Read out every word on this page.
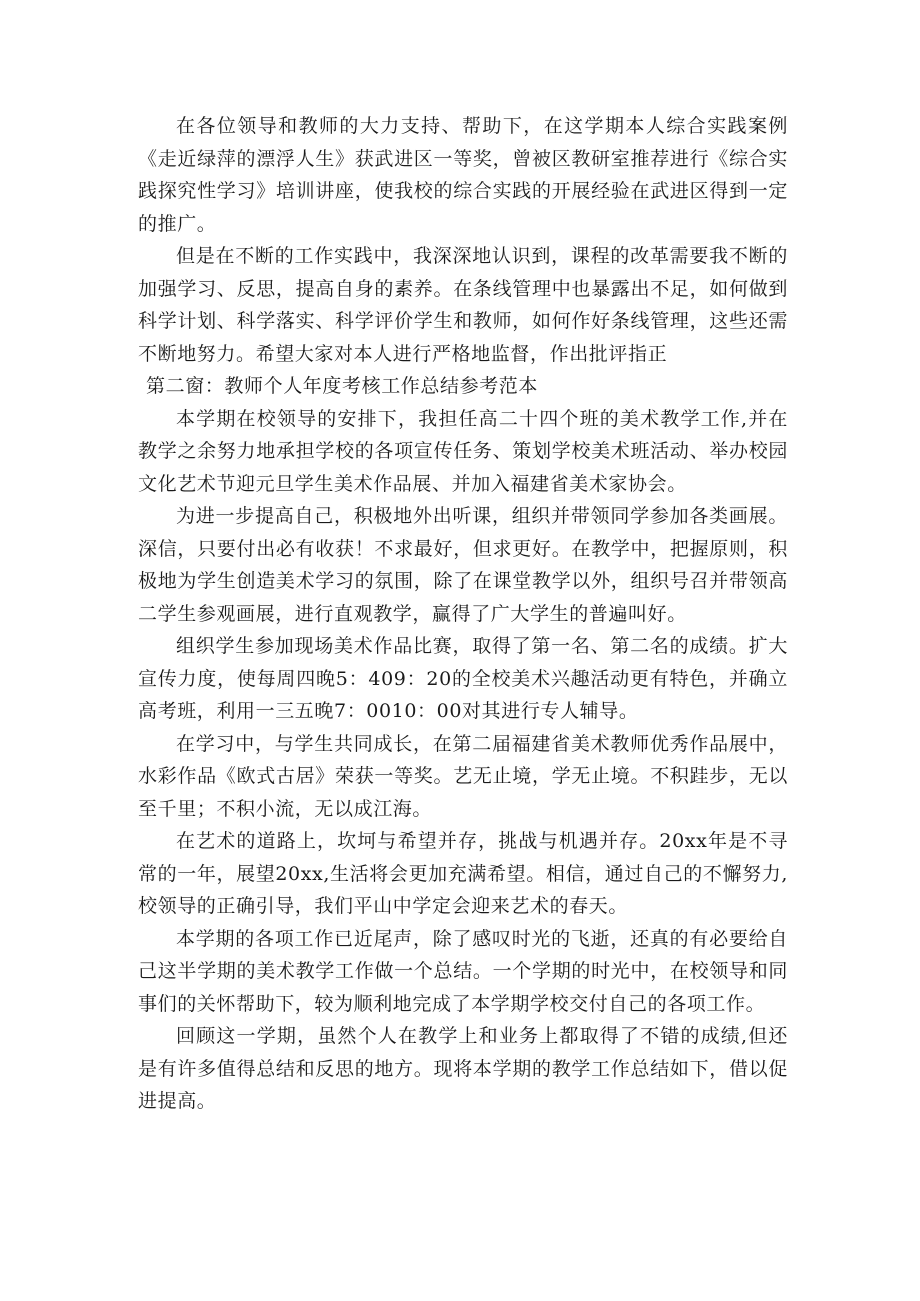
在各位领导和教师的大力支持、帮助下，在这学期本人综合实践案例《走近绿萍的漂浮人生》获武进区一等奖，曾被区教研室推荐进行《综合实践探究性学习》培训讲座，使我校的综合实践的开展经验在武进区得到一定的推广。

但是在不断的工作实践中，我深深地认识到，课程的改革需要我不断的加强学习、反思，提高自身的素养。在条线管理中也暴露出不足，如何做到科学计划、科学落实、科学评价学生和教师，如何作好条线管理，这些还需不断地努力。希望大家对本人进行严格地监督，作出批评指正

第二窗：教师个人年度考核工作总结参考范本

本学期在校领导的安排下，我担任高二十四个班的美术教学工作,并在教学之余努力地承担学校的各项宣传任务、策划学校美术班活动、举办校园文化艺术节迎元旦学生美术作品展、并加入福建省美术家协会。

为进一步提高自己，积极地外出听课，组织并带领同学参加各类画展。深信，只要付出必有收获！不求最好，但求更好。在教学中，把握原则，积极地为学生创造美术学习的氛围，除了在课堂教学以外，组织号召并带领高二学生参观画展，进行直观教学，赢得了广大学生的普遍叫好。

组织学生参加现场美术作品比赛，取得了第一名、第二名的成绩。扩大宣传力度，使每周四晚5：409：20的全校美术兴趣活动更有特色，并确立高考班，利用一三五晚7：0010：00对其进行专人辅导。

在学习中，与学生共同成长，在第二届福建省美术教师优秀作品展中，水彩作品《欧式古居》荣获一等奖。艺无止境，学无止境。不积跬步，无以至千里；不积小流，无以成江海。

在艺术的道路上，坎坷与希望并存，挑战与机遇并存。20xx年是不寻常的一年，展望20xx,生活将会更加充满希望。相信，通过自己的不懈努力,校领导的正确引导，我们平山中学定会迎来艺术的春天。

本学期的各项工作已近尾声，除了感叹时光的飞逝，还真的有必要给自己这半学期的美术教学工作做一个总结。一个学期的时光中，在校领导和同事们的关怀帮助下，较为顺利地完成了本学期学校交付自己的各项工作。

回顾这一学期，虽然个人在教学上和业务上都取得了不错的成绩,但还是有许多值得总结和反思的地方。现将本学期的教学工作总结如下，借以促进提高。
